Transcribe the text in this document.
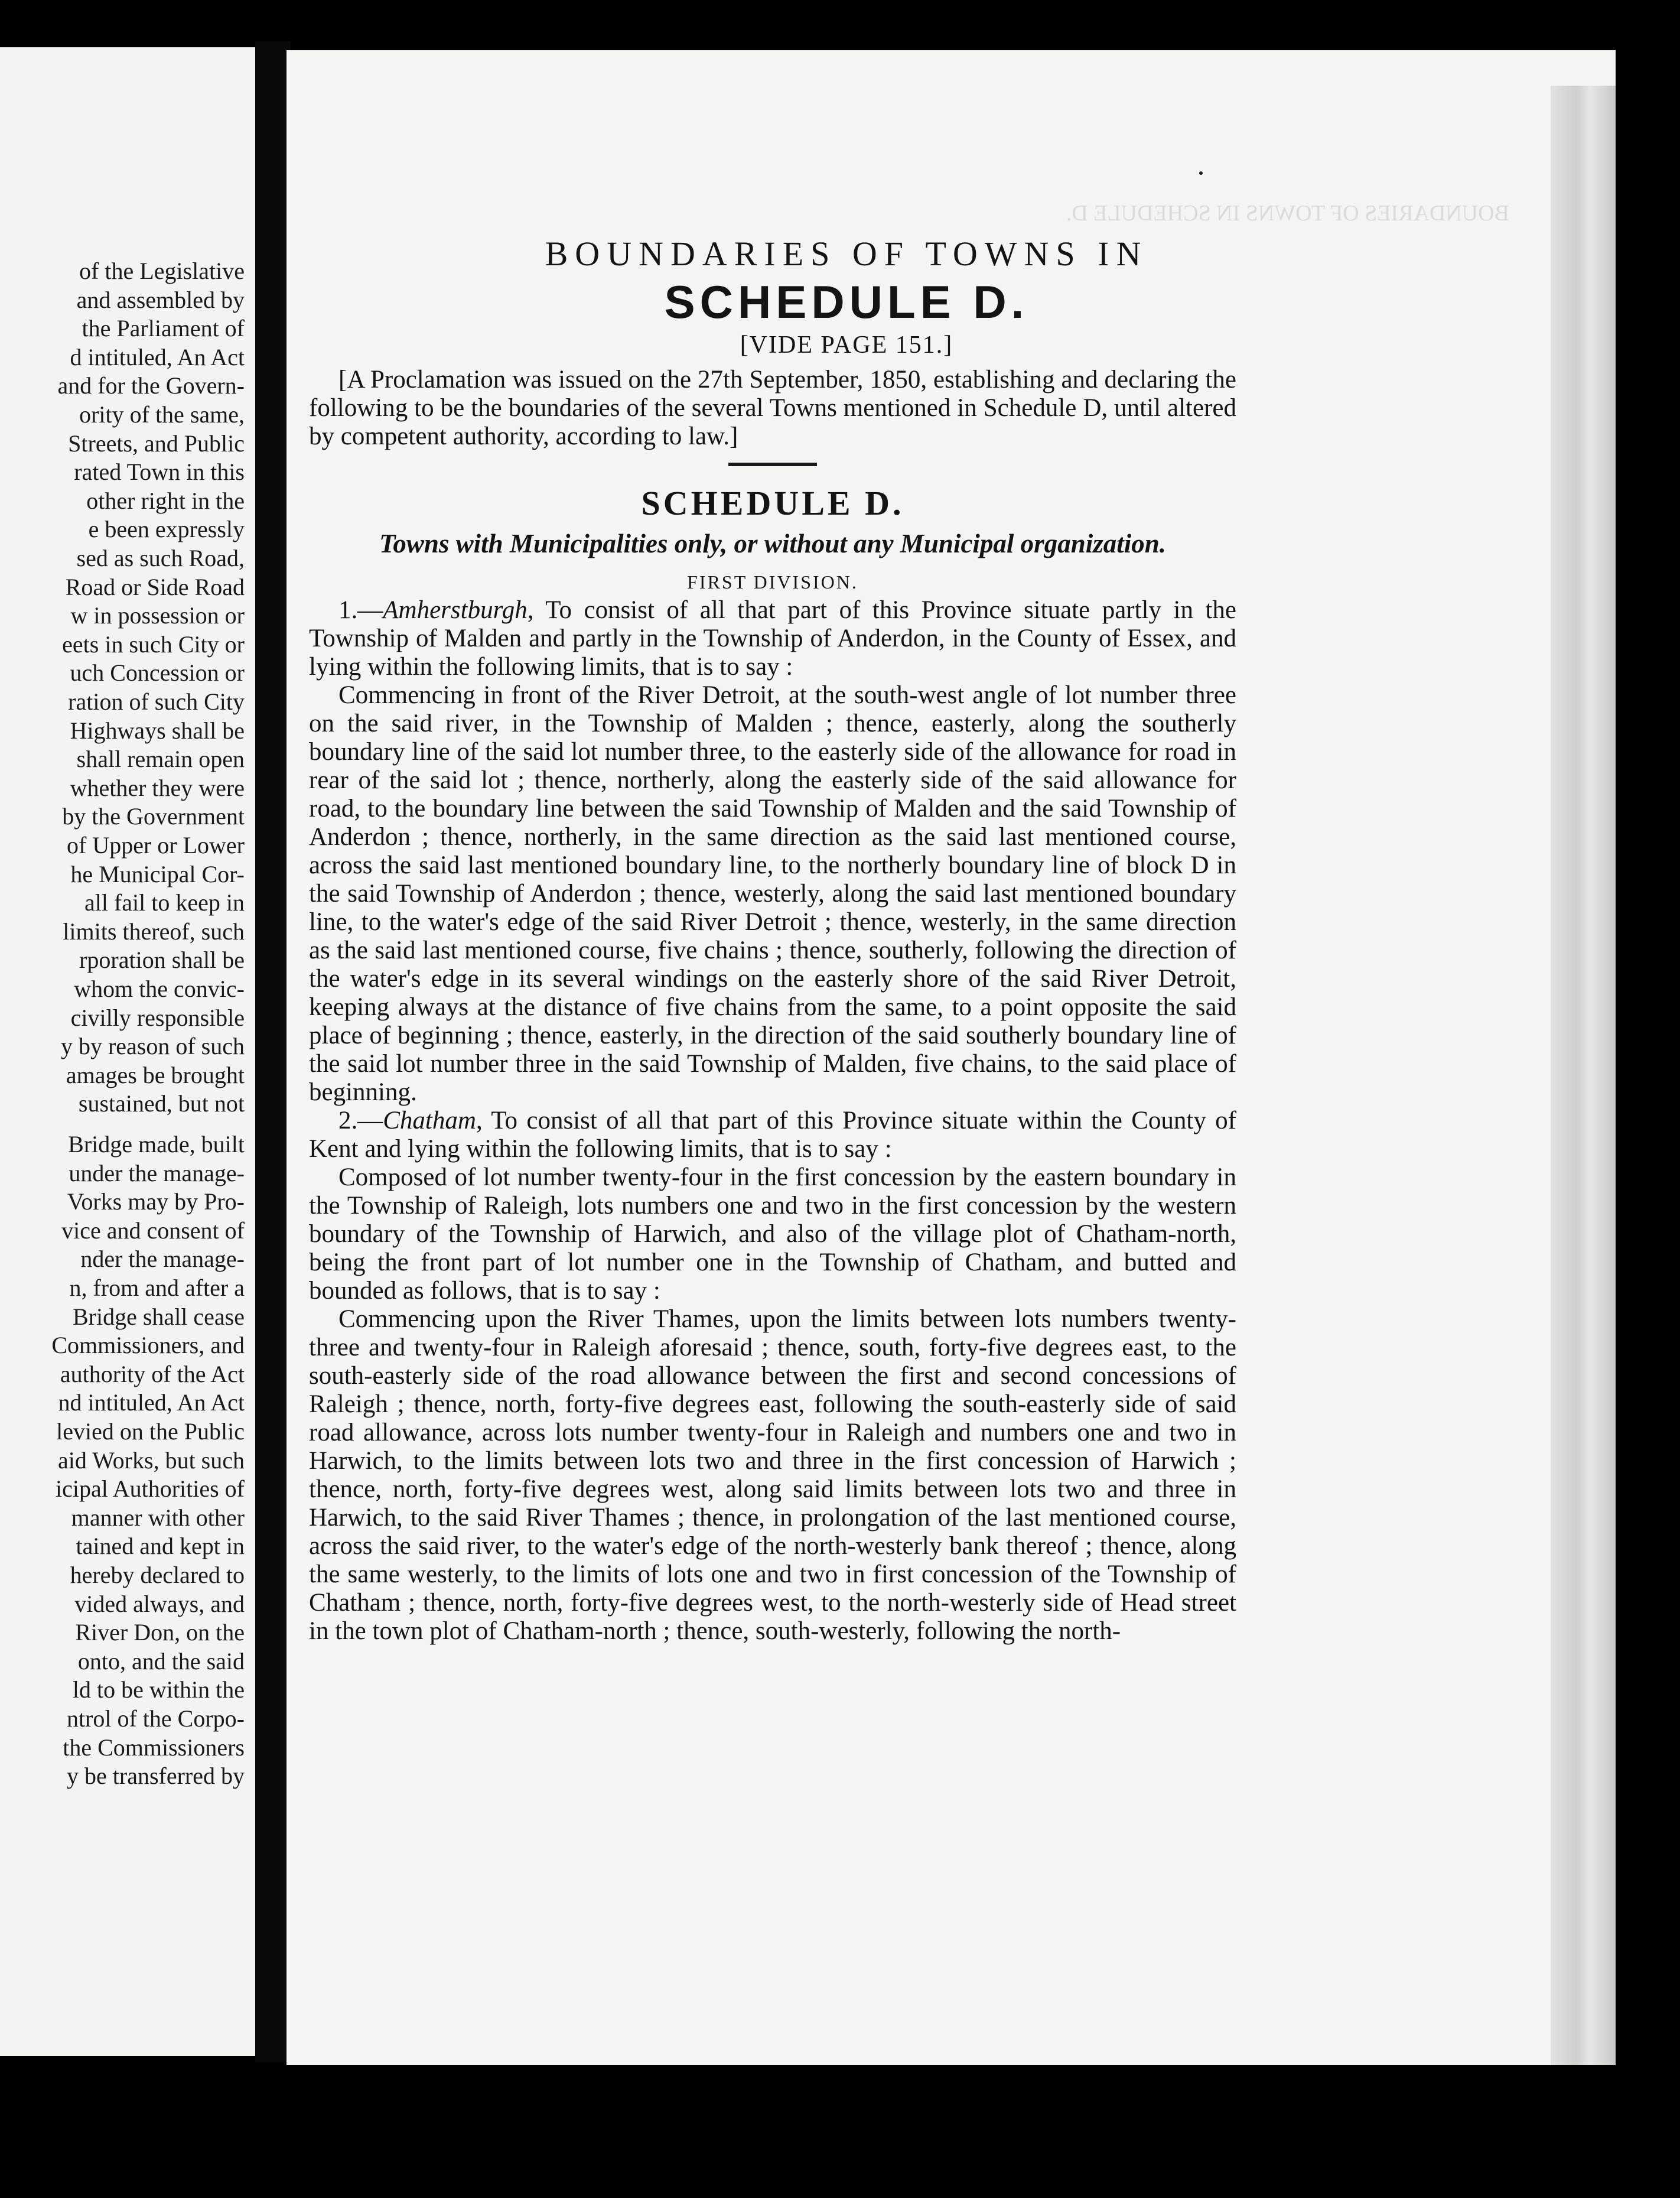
of the Legislative
and assembled by
the Parliament of
d intituled, An Act
and for the Govern-
ority of the same,
Streets, and Public
rated Town in this
other right in the
e been expressly
sed as such Road,
Road or Side Road
w in possession or
eets in such City or
uch Concession or
ration of such City
Highways shall be
shall remain open
whether they were
by the Government
of Upper or Lower
he Municipal Cor-
all fail to keep in
limits thereof, such
rporation shall be
whom the convic-
civilly responsible
y by reason of such
amages be brought
sustained, but not
Bridge made, built
under the manage-
Vorks may by Pro-
vice and consent of
nder the manage-
n, from and after a
Bridge shall cease
Commissioners, and
authority of the Act
nd intituled, An Act
levied on the Public
aid Works, but such
icipal Authorities of
manner with other
tained and kept in
hereby declared to
vided always, and
River Don, on the
onto, and the said
ld to be within the
ntrol of the Corpo-
the Commissioners
y be transferred by
BOUNDARIES OF TOWNS IN SCHEDULE D.

BOUNDARIES OF TOWNS IN

SCHEDULE D.

[VIDE PAGE 151.]

[A Proclamation was issued on the 27th September, 1850, establishing and declaring the following to be the boundaries of the several Towns mentioned in Schedule D, until altered by competent authority, according to law.]

SCHEDULE D.

Towns with Municipalities only, or without any Municipal organization.

FIRST DIVISION.

1.—Amherstburgh, To consist of all that part of this Province situate partly in the Township of Malden and partly in the Township of Anderdon, in the County of Essex, and lying within the following limits, that is to say :

Commencing in front of the River Detroit, at the south-west angle of lot number three on the said river, in the Township of Malden ; thence, easterly, along the southerly boundary line of the said lot number three, to the easterly side of the allowance for road in rear of the said lot ; thence, northerly, along the easterly side of the said allowance for road, to the boundary line between the said Township of Malden and the said Township of Anderdon ; thence, northerly, in the same direction as the said last mentioned course, across the said last mentioned boundary line, to the northerly boundary line of block D in the said Township of Anderdon ; thence, westerly, along the said last mentioned boundary line, to the water's edge of the said River Detroit ; thence, westerly, in the same direction as the said last mentioned course, five chains ; thence, southerly, following the direction of the water's edge in its several windings on the easterly shore of the said River Detroit, keeping always at the distance of five chains from the same, to a point opposite the said place of beginning ; thence, easterly, in the direction of the said southerly boundary line of the said lot number three in the said Township of Malden, five chains, to the said place of beginning.

2.—Chatham, To consist of all that part of this Province situate within the County of Kent and lying within the following limits, that is to say :

Composed of lot number twenty-four in the first concession by the eastern boundary in the Township of Raleigh, lots numbers one and two in the first concession by the western boundary of the Township of Harwich, and also of the village plot of Chatham-north, being the front part of lot number one in the Township of Chatham, and butted and bounded as follows, that is to say :

Commencing upon the River Thames, upon the limits between lots numbers twenty-three and twenty-four in Raleigh aforesaid ; thence, south, forty-five degrees east, to the south-easterly side of the road allowance between the first and second concessions of Raleigh ; thence, north, forty-five degrees east, following the south-easterly side of said road allowance, across lots number twenty-four in Raleigh and numbers one and two in Harwich, to the limits between lots two and three in the first concession of Harwich ; thence, north, forty-five degrees west, along said limits between lots two and three in Harwich, to the said River Thames ; thence, in prolongation of the last mentioned course, across the said river, to the water's edge of the north-westerly bank thereof ; thence, along the same westerly, to the limits of lots one and two in first concession of the Township of Chatham ; thence, north, forty-five degrees west, to the north-westerly side of Head street in the town plot of Chatham-north ; thence, south-westerly, following the north-
